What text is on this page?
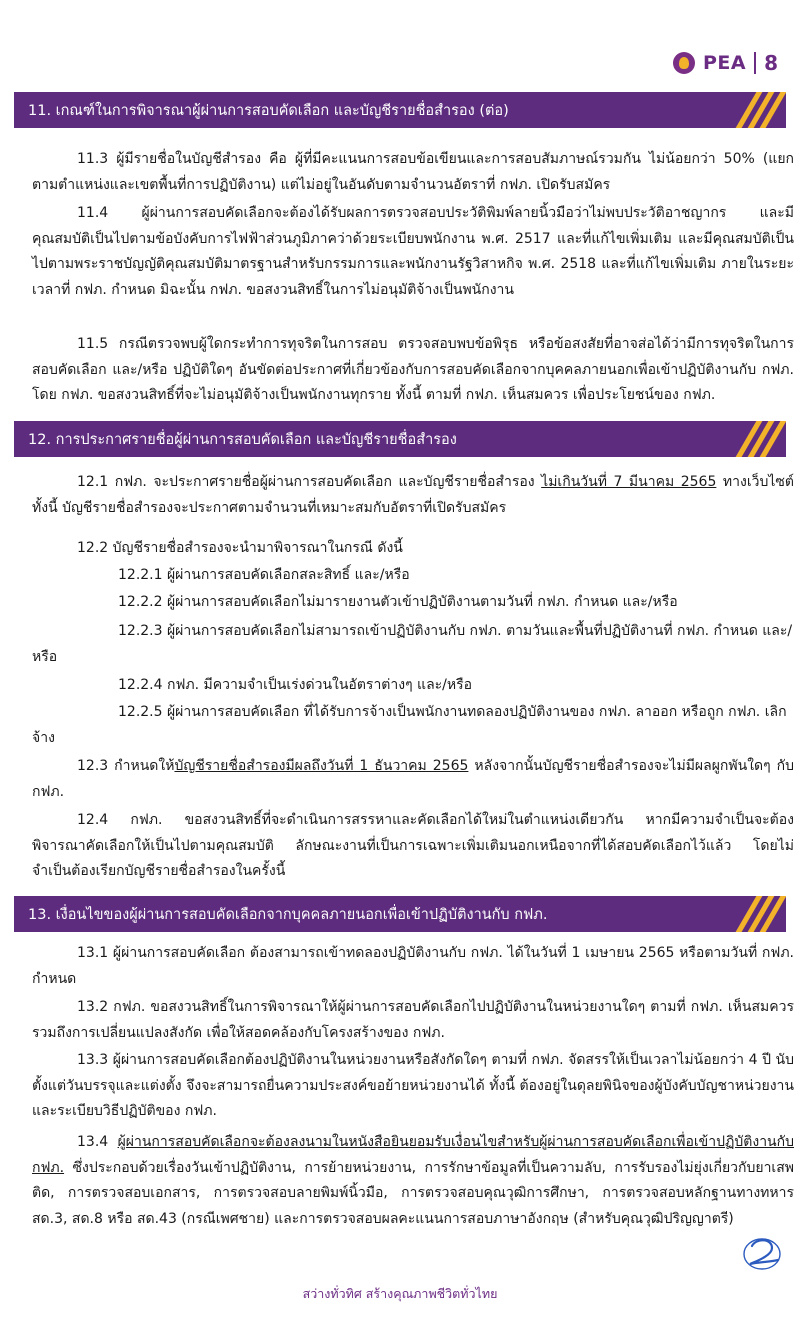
PEA 8
11. เกณฑ์ในการพิจารณาผู้ผ่านการสอบคัดเลือก และบัญชีรายชื่อสำรอง (ต่อ)

11.3 ผู้มีรายชื่อในบัญชีสำรอง คือ ผู้ที่มีคะแนนการสอบข้อเขียนและการสอบสัมภาษณ์รวมกัน ไม่น้อยกว่า 50% (แยกตามตำแหน่งและเขตพื้นที่การปฏิบัติงาน) แต่ไม่อยู่ในอันดับตามจำนวนอัตราที่ กฟภ. เปิดรับสมัคร

11.4 ผู้ผ่านการสอบคัดเลือกจะต้องได้รับผลการตรวจสอบประวัติพิมพ์ลายนิ้วมือว่าไม่พบประวัติอาชญากร และมีคุณสมบัติเป็นไปตามข้อบังคับการไฟฟ้าส่วนภูมิภาคว่าด้วยระเบียบพนักงาน พ.ศ. 2517 และที่แก้ไขเพิ่มเติม และมีคุณสมบัติเป็นไปตามพระราชบัญญัติคุณสมบัติมาตรฐานสำหรับกรรมการและพนักงานรัฐวิสาหกิจ พ.ศ. 2518 และที่แก้ไขเพิ่มเติม ภายในระยะเวลาที่ กฟภ. กำหนด มิฉะนั้น กฟภ. ขอสงวนสิทธิ์ในการไม่อนุมัติจ้างเป็นพนักงาน

11.5 กรณีตรวจพบผู้ใดกระทำการทุจริตในการสอบ ตรวจสอบพบข้อพิรุธ หรือข้อสงสัยที่อาจส่อได้ว่ามีการทุจริตในการสอบคัดเลือก และ/หรือ ปฏิบัติใดๆ อันขัดต่อประกาศที่เกี่ยวข้องกับการสอบคัดเลือกจากบุคคลภายนอกเพื่อเข้าปฏิบัติงานกับ กฟภ. โดย กฟภ. ขอสงวนสิทธิ์ที่จะไม่อนุมัติจ้างเป็นพนักงานทุกราย ทั้งนี้ ตามที่ กฟภ. เห็นสมควร เพื่อประโยชน์ของ กฟภ.

12. การประกาศรายชื่อผู้ผ่านการสอบคัดเลือก และบัญชีรายชื่อสำรอง

12.1 กฟภ. จะประกาศรายชื่อผู้ผ่านการสอบคัดเลือก และบัญชีรายชื่อสำรอง ไม่เกินวันที่ 7 มีนาคม 2565 ทางเว็บไซต์ ทั้งนี้ บัญชีรายชื่อสำรองจะประกาศตามจำนวนที่เหมาะสมกับอัตราที่เปิดรับสมัคร

12.2 บัญชีรายชื่อสำรองจะนำมาพิจารณาในกรณี ดังนี้

12.2.1 ผู้ผ่านการสอบคัดเลือกสละสิทธิ์ และ/หรือ

12.2.2 ผู้ผ่านการสอบคัดเลือกไม่มารายงานตัวเข้าปฏิบัติงานตามวันที่ กฟภ. กำหนด และ/หรือ

12.2.3 ผู้ผ่านการสอบคัดเลือกไม่สามารถเข้าปฏิบัติงานกับ กฟภ. ตามวันและพื้นที่ปฏิบัติงานที่ กฟภ. กำหนด และ/หรือ

12.2.4 กฟภ. มีความจำเป็นเร่งด่วนในอัตราต่างๆ และ/หรือ

12.2.5 ผู้ผ่านการสอบคัดเลือก ที่ได้รับการจ้างเป็นพนักงานทดลองปฏิบัติงานของ กฟภ. ลาออก หรือถูก กฟภ. เลิกจ้าง

12.3 กำหนดให้บัญชีรายชื่อสำรองมีผลถึงวันที่ 1 ธันวาคม 2565 หลังจากนั้นบัญชีรายชื่อสำรองจะไม่มีผลผูกพันใดๆ กับ กฟภ.

12.4 กฟภ. ขอสงวนสิทธิ์ที่จะดำเนินการสรรหาและคัดเลือกได้ใหม่ในตำแหน่งเดียวกัน หากมีความจำเป็นจะต้องพิจารณาคัดเลือกให้เป็นไปตามคุณสมบัติ ลักษณะงานที่เป็นการเฉพาะเพิ่มเติมนอกเหนือจากที่ได้สอบคัดเลือกไว้แล้ว โดยไม่จำเป็นต้องเรียกบัญชีรายชื่อสำรองในครั้งนี้

13. เงื่อนไขของผู้ผ่านการสอบคัดเลือกจากบุคคลภายนอกเพื่อเข้าปฏิบัติงานกับ กฟภ.

13.1 ผู้ผ่านการสอบคัดเลือก ต้องสามารถเข้าทดลองปฏิบัติงานกับ กฟภ. ได้ในวันที่ 1 เมษายน 2565 หรือตามวันที่ กฟภ. กำหนด

13.2 กฟภ. ขอสงวนสิทธิ์ในการพิจารณาให้ผู้ผ่านการสอบคัดเลือกไปปฏิบัติงานในหน่วยงานใดๆ ตามที่ กฟภ. เห็นสมควร รวมถึงการเปลี่ยนแปลงสังกัด เพื่อให้สอดคล้องกับโครงสร้างของ กฟภ.

13.3 ผู้ผ่านการสอบคัดเลือกต้องปฏิบัติงานในหน่วยงานหรือสังกัดใดๆ ตามที่ กฟภ. จัดสรรให้เป็นเวลาไม่น้อยกว่า 4 ปี นับตั้งแต่วันบรรจุและแต่งตั้ง จึงจะสามารถยื่นความประสงค์ขอย้ายหน่วยงานได้ ทั้งนี้ ต้องอยู่ในดุลยพินิจของผู้บังคับบัญชาหน่วยงาน และระเบียบวิธีปฏิบัติของ กฟภ.

13.4 ผู้ผ่านการสอบคัดเลือกจะต้องลงนามในหนังสือยินยอมรับเงื่อนไขสำหรับผู้ผ่านการสอบคัดเลือกเพื่อเข้าปฏิบัติงานกับ กฟภ. ซึ่งประกอบด้วยเรื่องวันเข้าปฏิบัติงาน, การย้ายหน่วยงาน, การรักษาข้อมูลที่เป็นความลับ, การรับรองไม่ยุ่งเกี่ยวกับยาเสพติด, การตรวจสอบเอกสาร, การตรวจสอบลายพิมพ์นิ้วมือ, การตรวจสอบคุณวุฒิการศึกษา, การตรวจสอบหลักฐานทางทหาร สด.3, สด.8 หรือ สด.43 (กรณีเพศชาย) และการตรวจสอบผลคะแนนการสอบภาษาอังกฤษ (สำหรับคุณวุฒิปริญญาตรี)

สว่างทั่วทิศ สร้างคุณภาพชีวิตทั่วไทย
